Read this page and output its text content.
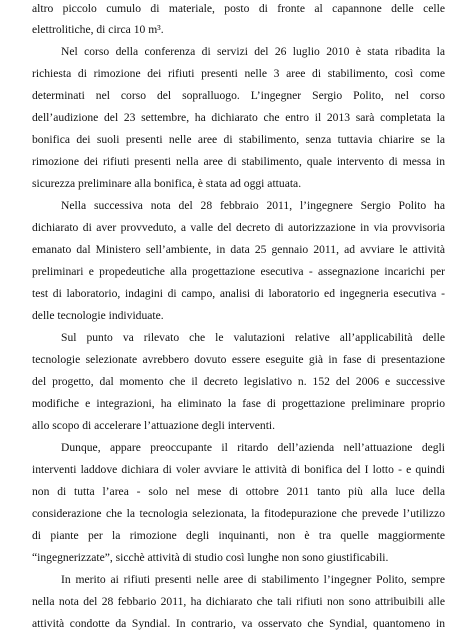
altro piccolo cumulo di materiale, posto di fronte al capannone delle celle
elettrolitiche, di circa 10 m³.
Nel corso della conferenza di servizi del 26 luglio 2010 è stata ribadita la
richiesta di rimozione dei rifiuti presenti nelle 3 aree di stabilimento, così come
determinati nel corso del sopralluogo. L’ingegner Sergio Polito, nel corso
dell’audizione del 23 settembre, ha dichiarato che entro il 2013 sarà completata la
bonifica dei suoli presenti nelle aree di stabilimento, senza tuttavia chiarire se la
rimozione dei rifiuti presenti nella aree di stabilimento, quale intervento di messa in
sicurezza preliminare alla bonifica, è stata ad oggi attuata.
Nella successiva nota del 28 febbraio 2011, l’ingegnere Sergio Polito ha
dichiarato di aver provveduto, a valle del decreto di autorizzazione in via provvisoria
emanato dal Ministero sell’ambiente, in data 25 gennaio 2011, ad avviare le attività
preliminari e propedeutiche alla progettazione esecutiva - assegnazione incarichi per
test di laboratorio, indagini di campo, analisi di laboratorio ed ingegneria esecutiva -
delle tecnologie individuate.
Sul punto va rilevato che le valutazioni relative all’applicabilità delle
tecnologie selezionate avrebbero dovuto essere eseguite già in fase di presentazione
del progetto, dal momento che il decreto legislativo n. 152 del 2006 e successive
modifiche e integrazioni, ha eliminato la fase di progettazione preliminare proprio
allo scopo di accelerare l’attuazione degli interventi.
Dunque, appare preoccupante il ritardo dell’azienda nell’attuazione degli
interventi laddove dichiara di voler avviare le attività di bonifica del I lotto - e quindi
non di tutta l’area - solo nel mese di ottobre 2011 tanto più alla luce della
considerazione che la tecnologia selezionata, la fitodepurazione che prevede l’utilizzo
di piante per la rimozione degli inquinanti, non è tra quelle maggiormente
“ingegnerizzate”, sicchè attività di studio così lunghe non sono giustificabili.
In merito ai rifiuti presenti nelle aree di stabilimento l’ingegner Polito, sempre
nella nota del 28 febbario 2011, ha dichiarato che tali rifiuti non sono attribuibili alle
attività condotte da Syndial. In contrario, va osservato che Syndial, quantomeno in
